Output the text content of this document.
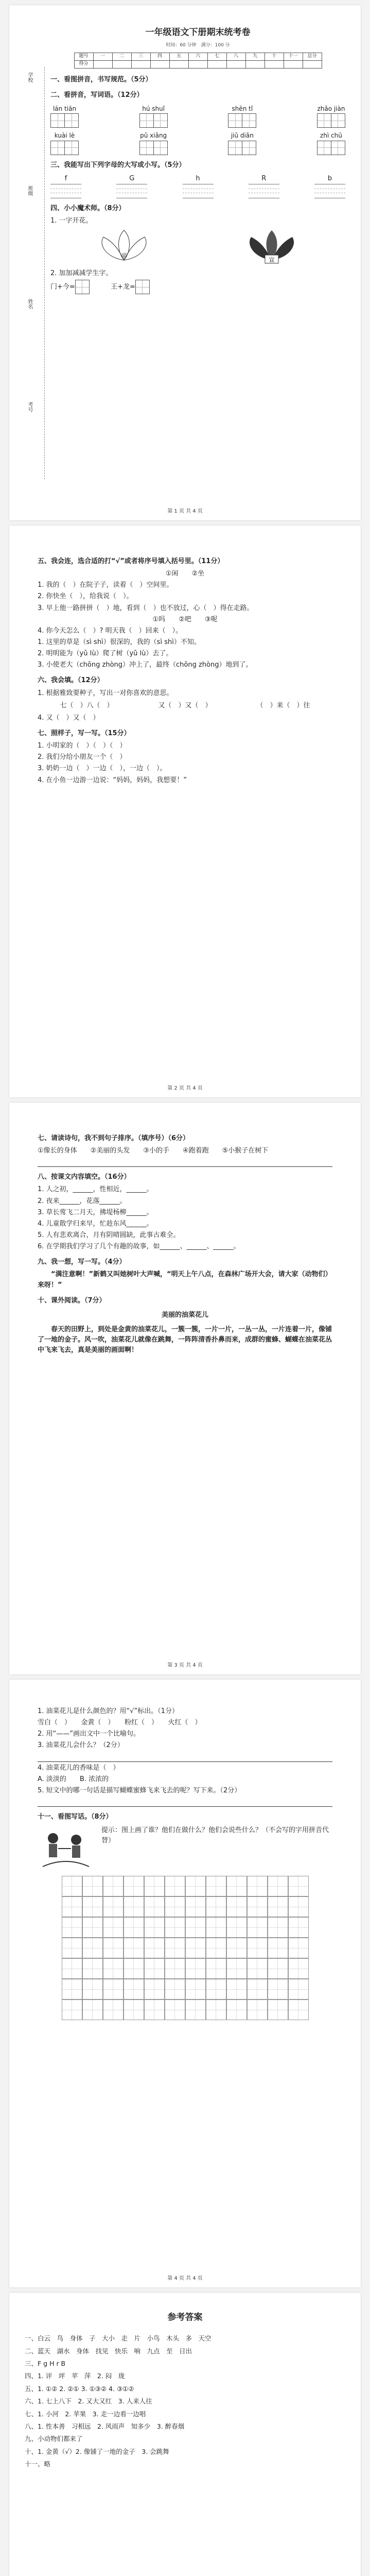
学校
班级
姓名
考号
一年级语文下册期末统考卷
时间：60 分钟　满分：100 分
题号	一	二	三	四	五	六	七	八	九	十	十一	总分
得分												
一、看图拼音，书写规范。（5分）
二、看拼音，写词语。（12分）
lán tiān	hú shuǐ	shēn tǐ	zhǎo jiàn
kuài lè	pǔ xiǎng	jiǔ diǎn	zhì chū
三、我能写出下列字母的大写或小写。（5分）
f	G	h	R	b
四、小小魔术师。（8分）
1. 一字开花。
平
宣
2. 加加减减学生字。
门+今=	王+龙=
第 1 页 共 4 页
五、我会连，选合适的打“√”或者将序号填入括号里。（11分）
①闲　　②坐
1. 我的（　）在院子子，读着（　）空间里。
2. 你快坐（　），给我说（　）。
3. 早上他一路拼拼（　）地，看到（　）也不放过，心（　）得在走路。
①吗　　②吧　　③呢
4. 你今天怎么（　）? 明天我（　）回来（　）。
1. 这里的草是（sì shì）很深的，我的（sì shì）不知。
2. 明明能为（yǔ lù）爬了树（yǔ lù）去了。
3. 小使老大（chōng zhòng）冲上了，最终（chōng zhòng）地到了。
六、我会填。（12分）
1. 根据雅致要种子，写出一对你喜欢的意思。
七（　）八（　）	又（　）又（　）	（　）来（　）往
4. 又（　）又（　）
七、照样子，写一写。（15分）
1. 小明家的（　）（　）（　）
2. 我们分给小朋友一个（　）
3. 奶奶一边（　）一边（　），一边（　）。
4. 在小鱼一边游一边说：“妈妈，妈妈，我想要！”
第 2 页 共 4 页
七、请读诗句，我不到句子排序。（填序号）（6分）
①像长的身体　　②美丽的头发　　③小的手　　④跑着跑　　⑤小猴子在树下
八、按课文内容填空。（16分）
1. 人之初，______，性相近，______。
2. 夜来______，花落______。
3. 草长莺飞二月天，拂堤杨柳______。
4. 儿童散学归来早，忙趁东风______。
5. 人有悲欢离合，月有阴晴圆缺，此事古难全。
6. 在学期我们学习了几个有趣的故事，如______、______、______。
九、我一想，写一写。（4分）
“满注意啊！”新鹤又叫她树叶大声喊，“明天上午八点，在森林广场开大会，请大家（动物们）来呀！”
十、课外阅读。（7分）
美丽的油菜花儿
春天的田野上，到处是金黄的油菜花儿，一簇一簇，一片一片，一丛一丛，一片连着一片，像铺了一地的金子。风一吹，油菜花儿就像在跳舞，一阵阵清香扑鼻而来，成群的蜜蜂、蝴蝶在油菜花丛中飞来飞去，真是美丽的画面啊！
第 3 页 共 4 页
1. 油菜花儿是什么颜色的？用“√”标出。（1分）
雪白（　）　　金黄（　）　　粉红（　）　　火红（　）
2. 用“——”画出文中一个比喻句。
3. 油菜花儿会什么？（2分）
4. 油菜花儿的香味是（　）
A. 淡淡的　　B. 浓浓的
5. 短文中的哪一句话是描写蝴蝶蜜蜂飞来飞去的呢？写下来。（2分）
十一、看图写话。（8分）
提示：图上画了谁？他们在做什么？他们会说些什么？（不会写的字用拼音代替）
第 4 页 共 4 页
参考答案
一、白云　鸟　身体　子　大小　走　片　小鸟　木头　多　天空
二、蓝天　湖水　身体　找见　快乐　响　九点　至　日出
三、F g H r B
四、1. 评　坪　苹　萍　2. 闷　珑
五、1. ①② 2. ②① 3. ①③② 4. ③①②
六、1. 七上八下　2. 又大又红　3. 人来人往
七、1. 小河　2. 苹果　3. 走一边看一边唱
八、1. 性本善　习相远　2. 风雨声　知多少　3. 醉春烟
九、小动物们都来了
十、1. 金黄（√）2. 像铺了一地的金子　3. 会跳舞
十一、略
